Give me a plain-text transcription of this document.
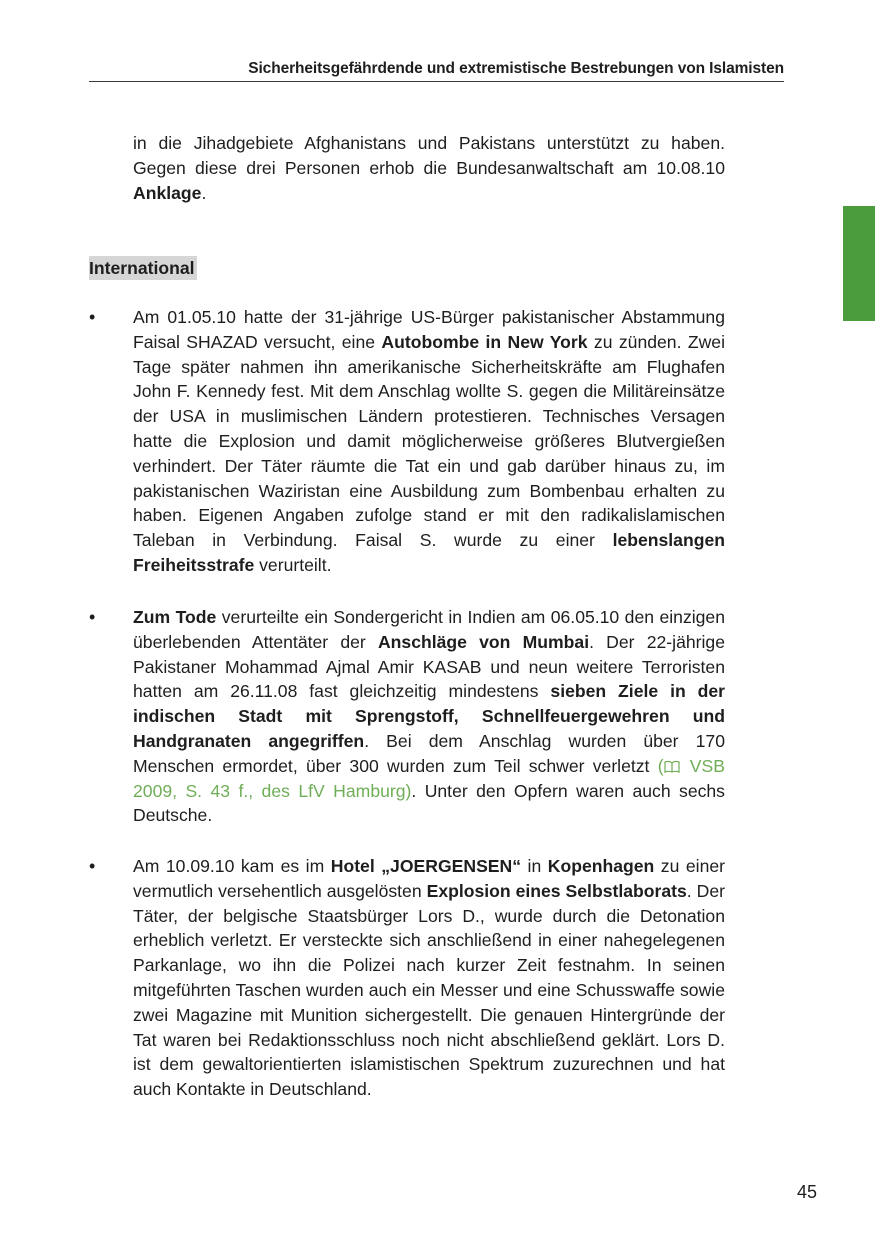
Sicherheitsgefährdende und extremistische Bestrebungen von Islamisten
in die Jihadgebiete Afghanistans und Pakistans unterstützt zu haben. Gegen diese drei Personen erhob die Bundesanwaltschaft am 10.08.10 Anklage.
International
• Am 01.05.10 hatte der 31-jährige US-Bürger pakistanischer Abstammung Faisal SHAZAD versucht, eine Autobombe in New York zu zünden. Zwei Tage später nahmen ihn amerikanische Sicherheitskräfte am Flughafen John F. Kennedy fest. Mit dem Anschlag wollte S. gegen die Militäreinsätze der USA in muslimischen Ländern protestieren. Technisches Versagen hatte die Explosion und damit möglicherweise größeres Blutvergießen verhindert. Der Täter räumte die Tat ein und gab darüber hinaus zu, im pakistanischen Waziristan eine Ausbildung zum Bombenbau erhalten zu haben. Eigenen Angaben zufolge stand er mit den radikalislamischen Taleban in Verbindung. Faisal S. wurde zu einer lebenslangen Freiheitsstrafe verurteilt.
• Zum Tode verurteilte ein Sondergericht in Indien am 06.05.10 den einzigen überlebenden Attentäter der Anschläge von Mumbai. Der 22-jährige Pakistaner Mohammad Ajmal Amir KASAB und neun weitere Terroristen hatten am 26.11.08 fast gleichzeitig mindestens sieben Ziele in der indischen Stadt mit Sprengstoff, Schnellfeuergewehren und Handgranaten angegriffen. Bei dem Anschlag wurden über 170 Menschen ermordet, über 300 wurden zum Teil schwer verletzt ( VSB 2009, S. 43 f., des LfV Hamburg). Unter den Opfern waren auch sechs Deutsche.
• Am 10.09.10 kam es im Hotel „JOERGENSEN“ in Kopenhagen zu einer vermutlich versehentlich ausgelösten Explosion eines Selbstlaborats. Der Täter, der belgische Staatsbürger Lors D., wurde durch die Detonation erheblich verletzt. Er versteckte sich anschließend in einer nahegelegenen Parkanlage, wo ihn die Polizei nach kurzer Zeit festnahm. In seinen mitgeführten Taschen wurden auch ein Messer und eine Schusswaffe sowie zwei Magazine mit Munition sichergestellt. Die genauen Hintergründe der Tat waren bei Redaktionsschluss noch nicht abschließend geklärt. Lors D. ist dem gewaltorientierten islamistischen Spektrum zuzurechnen und hat auch Kontakte in Deutschland.
45
